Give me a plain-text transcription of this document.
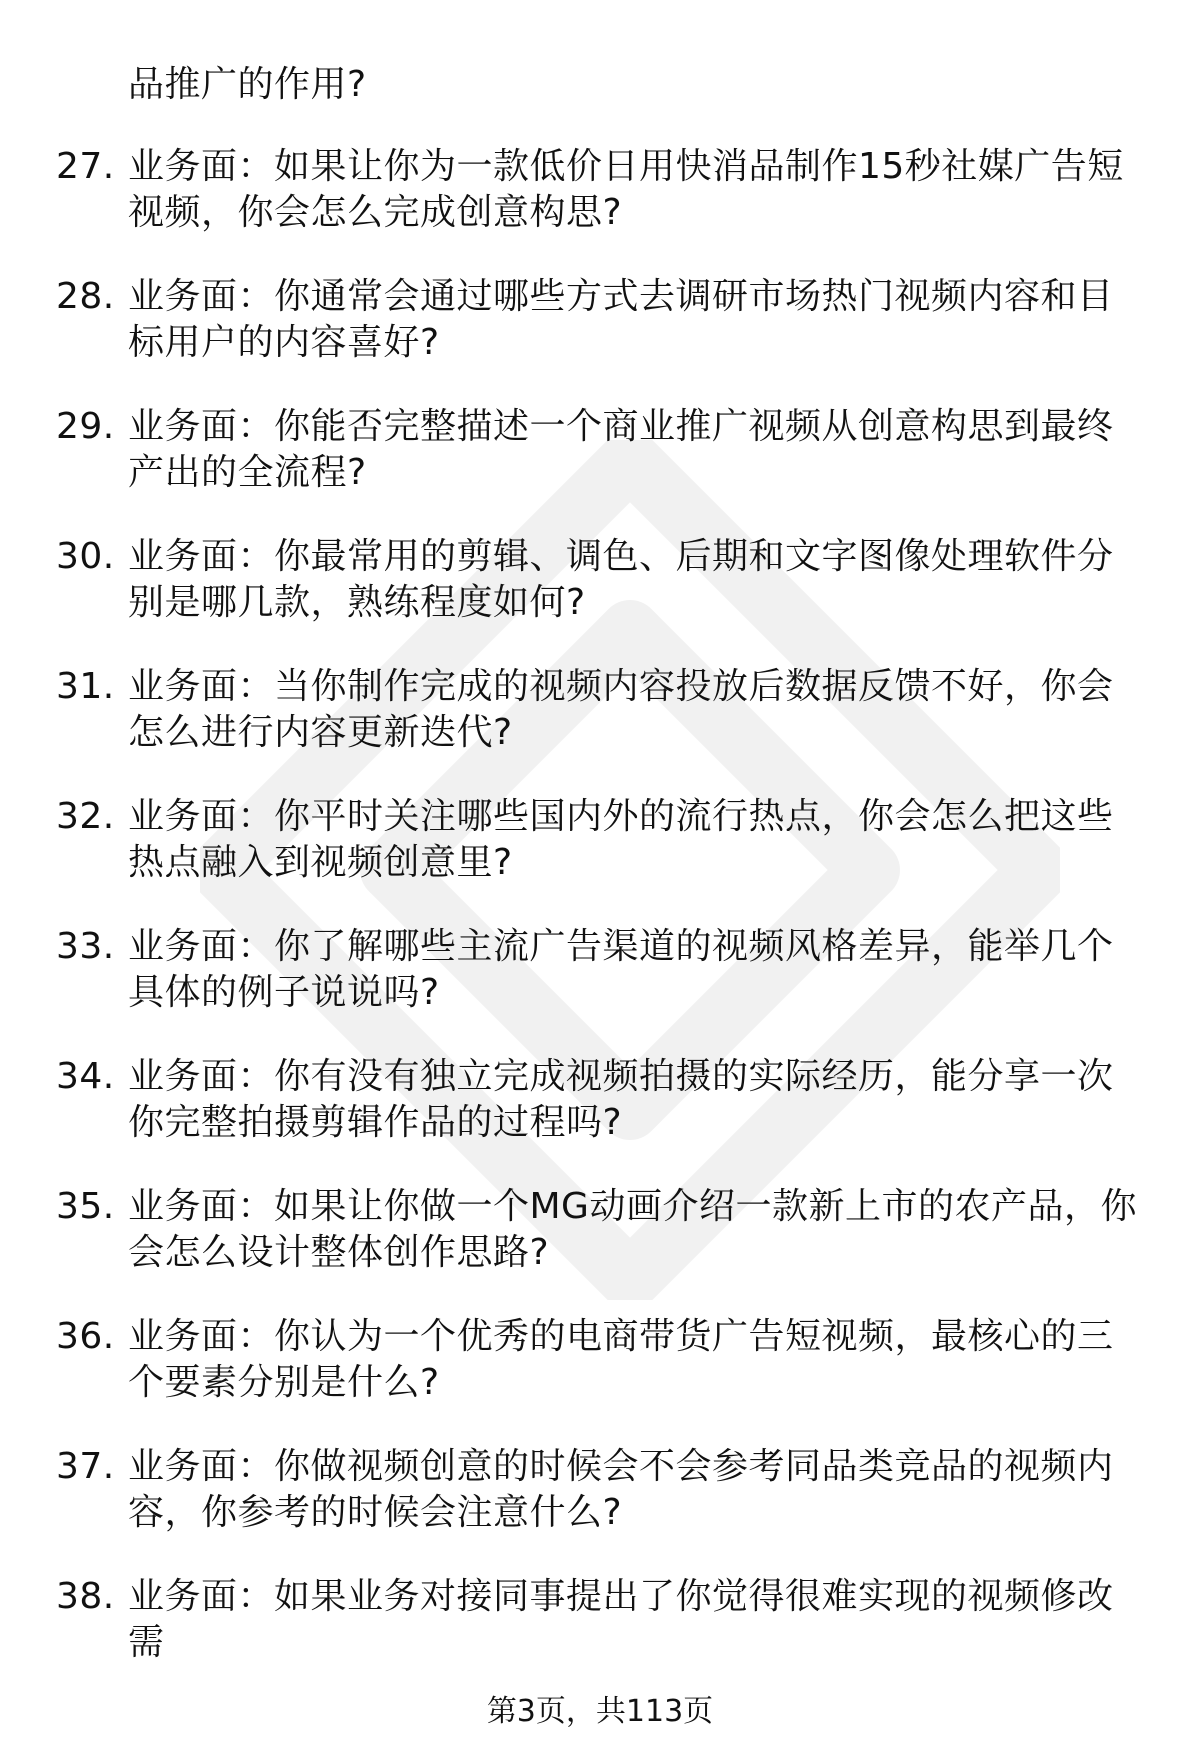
品推广的作用?
27. 业务面：如果让你为一款低价日用快消品制作15秒社媒广告短视频，你会怎么完成创意构思?
28. 业务面：你通常会通过哪些方式去调研市场热门视频内容和目标用户的内容喜好?
29. 业务面：你能否完整描述一个商业推广视频从创意构思到最终产出的全流程?
30. 业务面：你最常用的剪辑、调色、后期和文字图像处理软件分别是哪几款，熟练程度如何?
31. 业务面：当你制作完成的视频内容投放后数据反馈不好，你会怎么进行内容更新迭代?
32. 业务面：你平时关注哪些国内外的流行热点，你会怎么把这些热点融入到视频创意里?
33. 业务面：你了解哪些主流广告渠道的视频风格差异，能举几个具体的例子说说吗?
34. 业务面：你有没有独立完成视频拍摄的实际经历，能分享一次你完整拍摄剪辑作品的过程吗?
35. 业务面：如果让你做一个MG动画介绍一款新上市的农产品，你会怎么设计整体创作思路?
36. 业务面：你认为一个优秀的电商带货广告短视频，最核心的三个要素分别是什么?
37. 业务面：你做视频创意的时候会不会参考同品类竞品的视频内容，你参考的时候会注意什么?
38. 业务面：如果业务对接同事提出了你觉得很难实现的视频修改需
第3页，共113页
